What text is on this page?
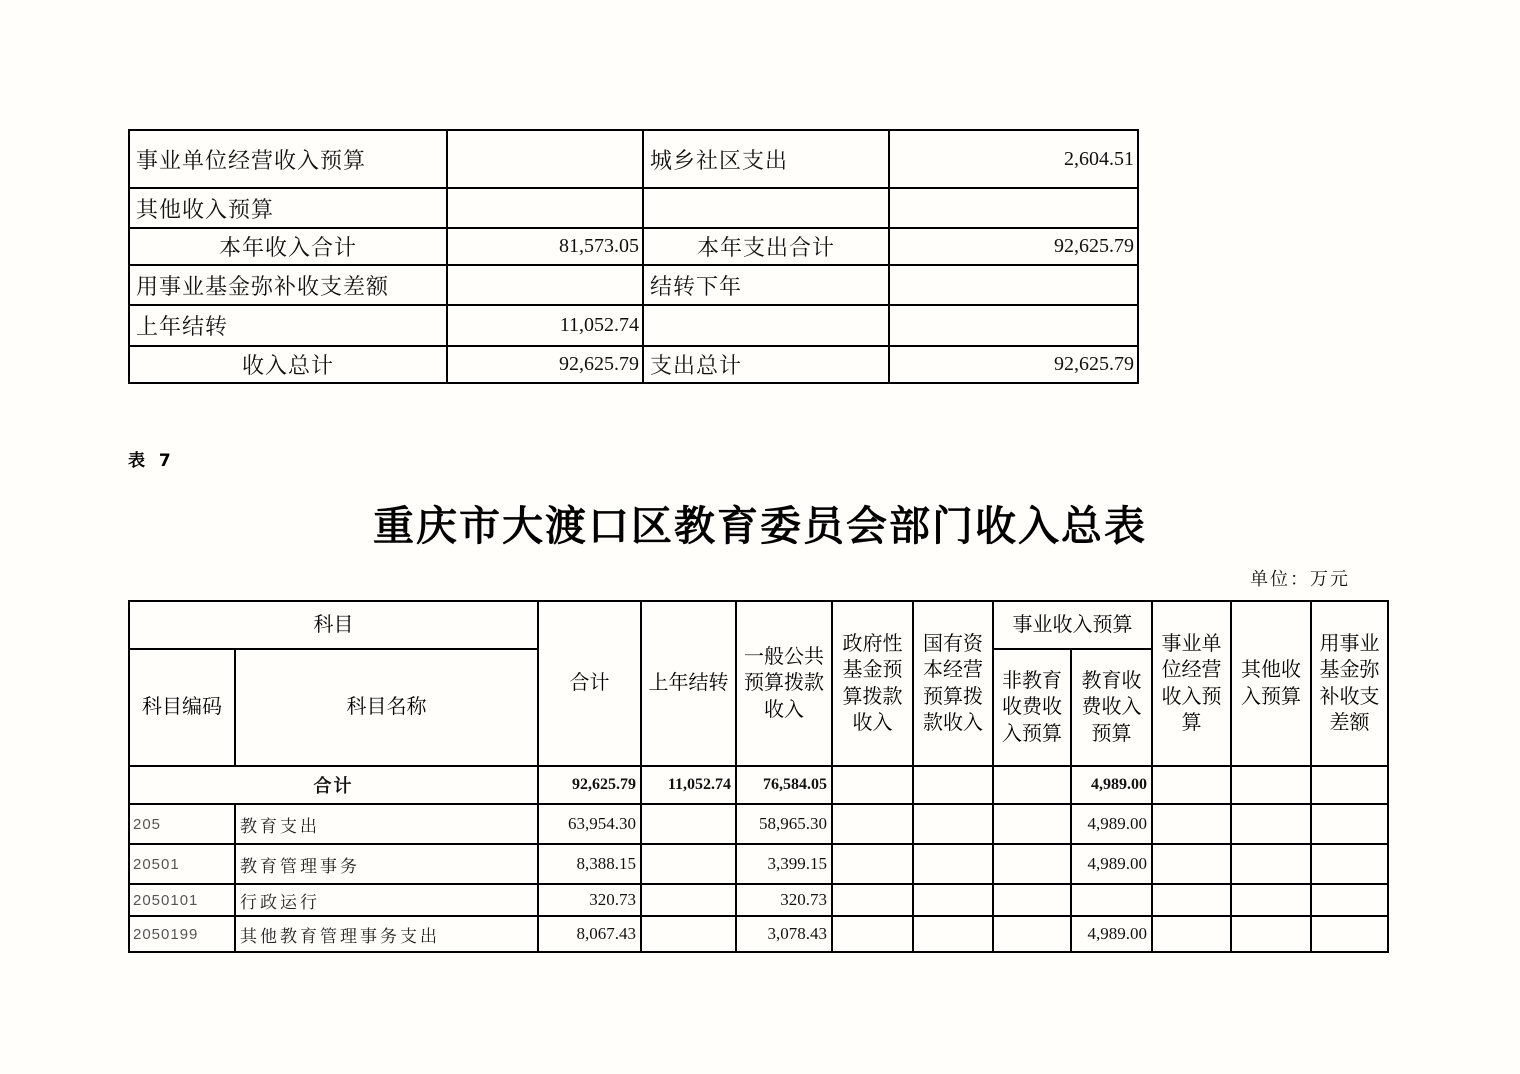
事业单位经营收入预算		城乡社区支出	2,604.51
其他收入预算			
本年收入合计	81,573.05	本年支出合计	92,625.79
用事业基金弥补收支差额		结转下年	
上年结转	11,052.74		
收入总计	92,625.79	支出总计	92,625.79
表 7
重庆市大渡口区教育委员会部门收入总表
单位：万元
科目		合计	上年结转	一般公共预算拨款收入	政府性基金预算拨款收入	国有资本经营预算拨款收入	事业收入预算		事业单位经营收入预算	其他收入预算	用事业基金弥补收支差额
科目编码	科目名称						非教育收费收入预算	教育收费收入预算			
合计		92,625.79	11,052.74	76,584.05				4,989.00			
205	教育支出	63,954.30		58,965.30				4,989.00			
20501	教育管理事务	8,388.15		3,399.15				4,989.00			
2050101	行政运行	320.73		320.73							
2050199	其他教育管理事务支出	8,067.43		3,078.43				4,989.00			
